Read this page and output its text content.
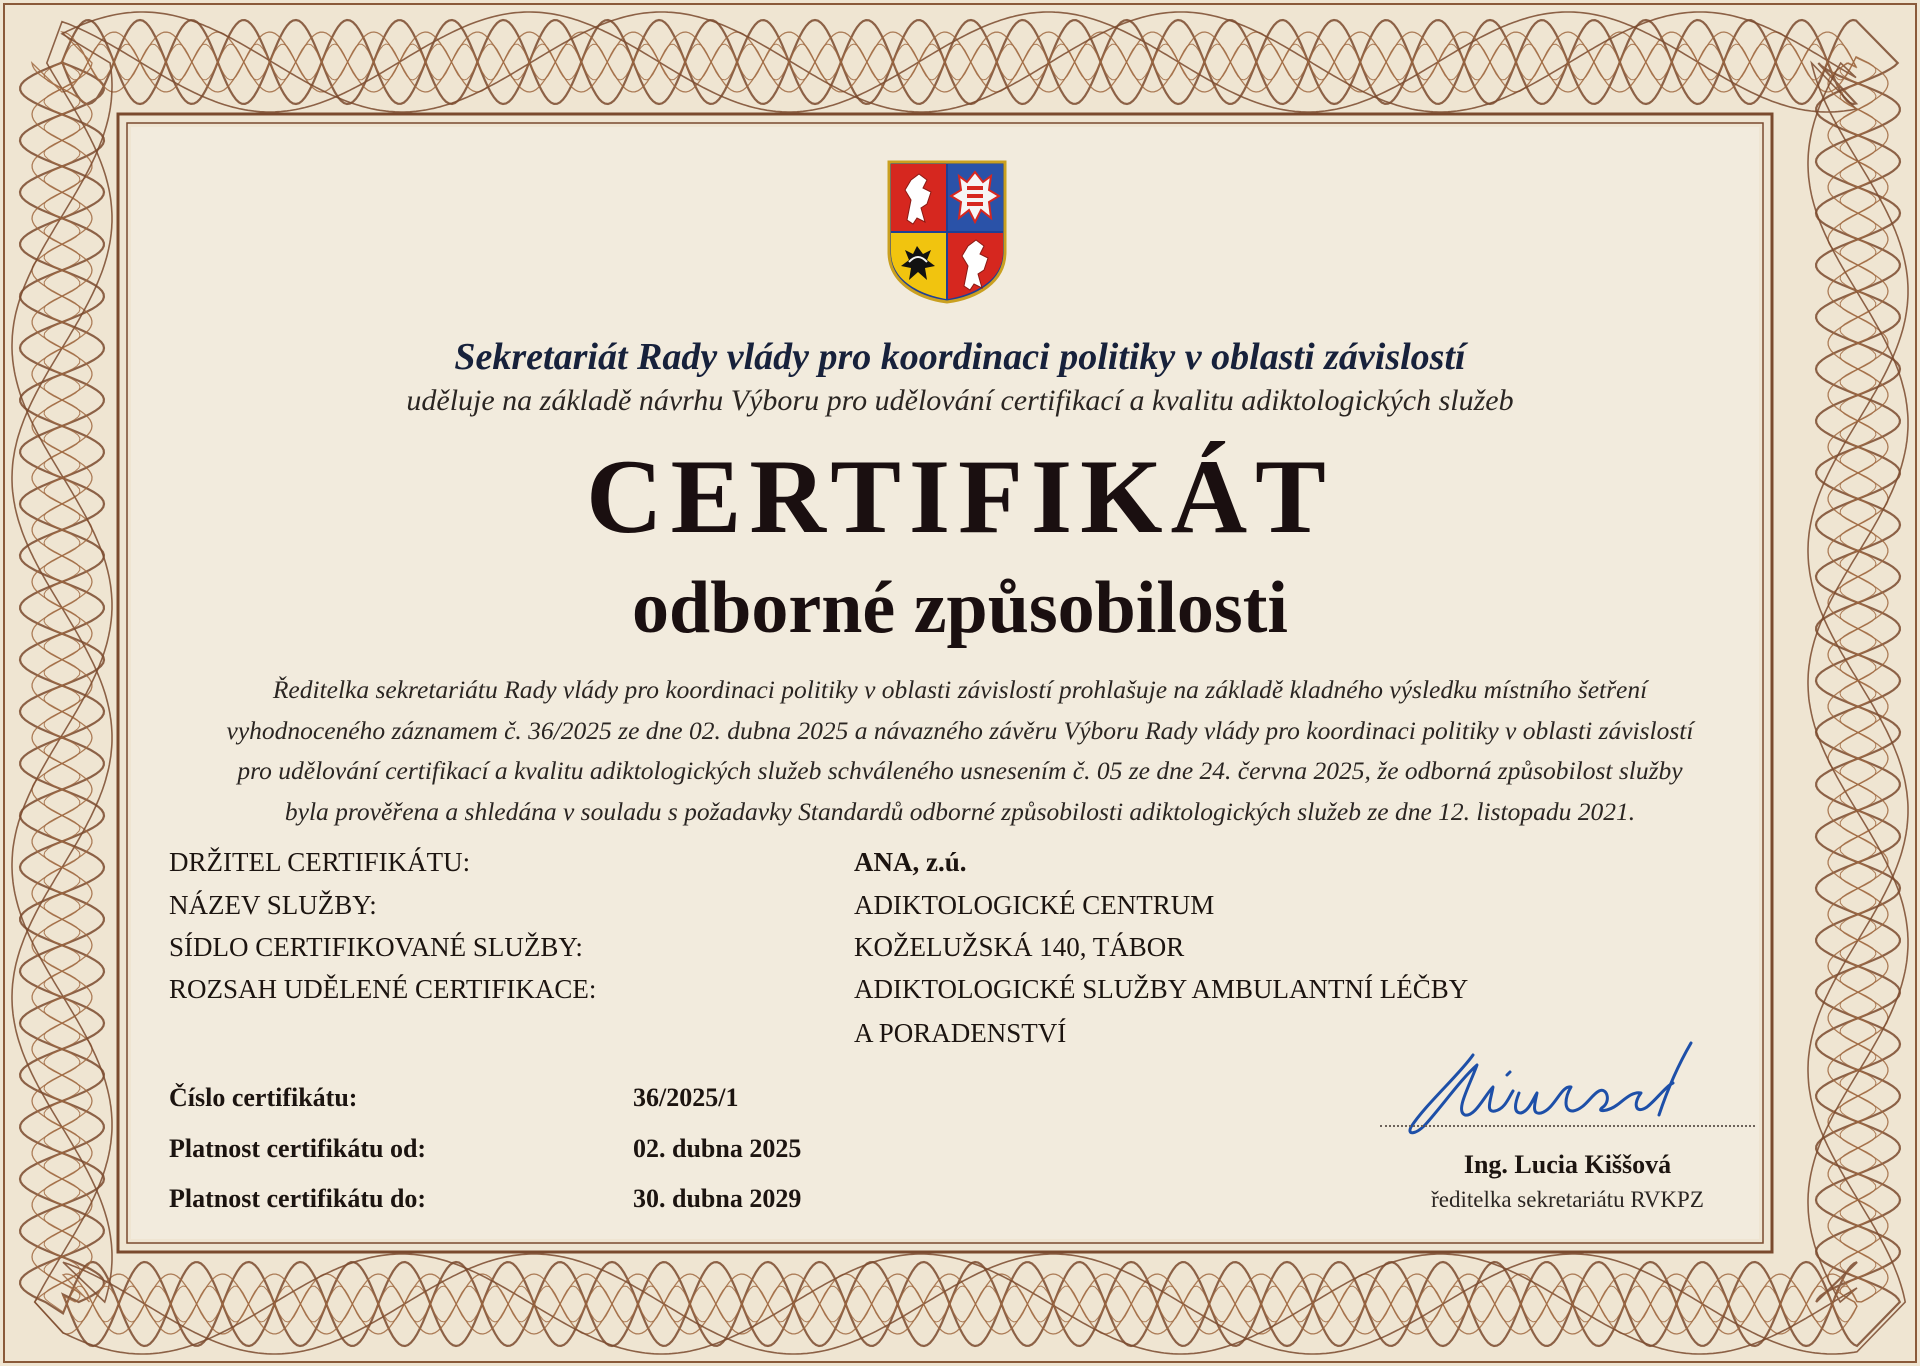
Sekretariát Rady vlády pro koordinaci politiky v oblasti závislostí
uděluje na základě návrhu Výboru pro udělování certifikací a kvalitu adiktologických služeb
CERTIFIKÁT
odborné způsobilosti
Ředitelka sekretariátu Rady vlády pro koordinaci politiky v oblasti závislostí prohlašuje na základě kladného výsledku místního šetření
vyhodnoceného záznamem č. 36/2025 ze dne 02. dubna 2025 a návazného závěru Výboru Rady vlády pro koordinaci politiky v oblasti závislostí
pro udělování certifikací a kvalitu adiktologických služeb schváleného usnesením č. 05 ze dne 24. června 2025, že odborná způsobilost služby
byla prověřena a shledána v souladu s požadavky Standardů odborné způsobilosti adiktologických služeb ze dne 12. listopadu 2021.
DRŽITEL CERTIFIKÁTU:	ANA, z.ú.
NÁZEV SLUŽBY:	ADIKTOLOGICKÉ CENTRUM
SÍDLO CERTIFIKOVANÉ SLUŽBY:	KOŽELUŽSKÁ 140, TÁBOR
ROZSAH UDĚLENÉ CERTIFIKACE:	ADIKTOLOGICKÉ SLUŽBY AMBULANTNÍ LÉČBY
A PORADENSTVÍ
Číslo certifikátu:	36/2025/1
Platnost certifikátu od:	02. dubna 2025
Platnost certifikátu do:	30. dubna 2029
Ing. Lucia Kiššová
ředitelka sekretariátu RVKPZ
